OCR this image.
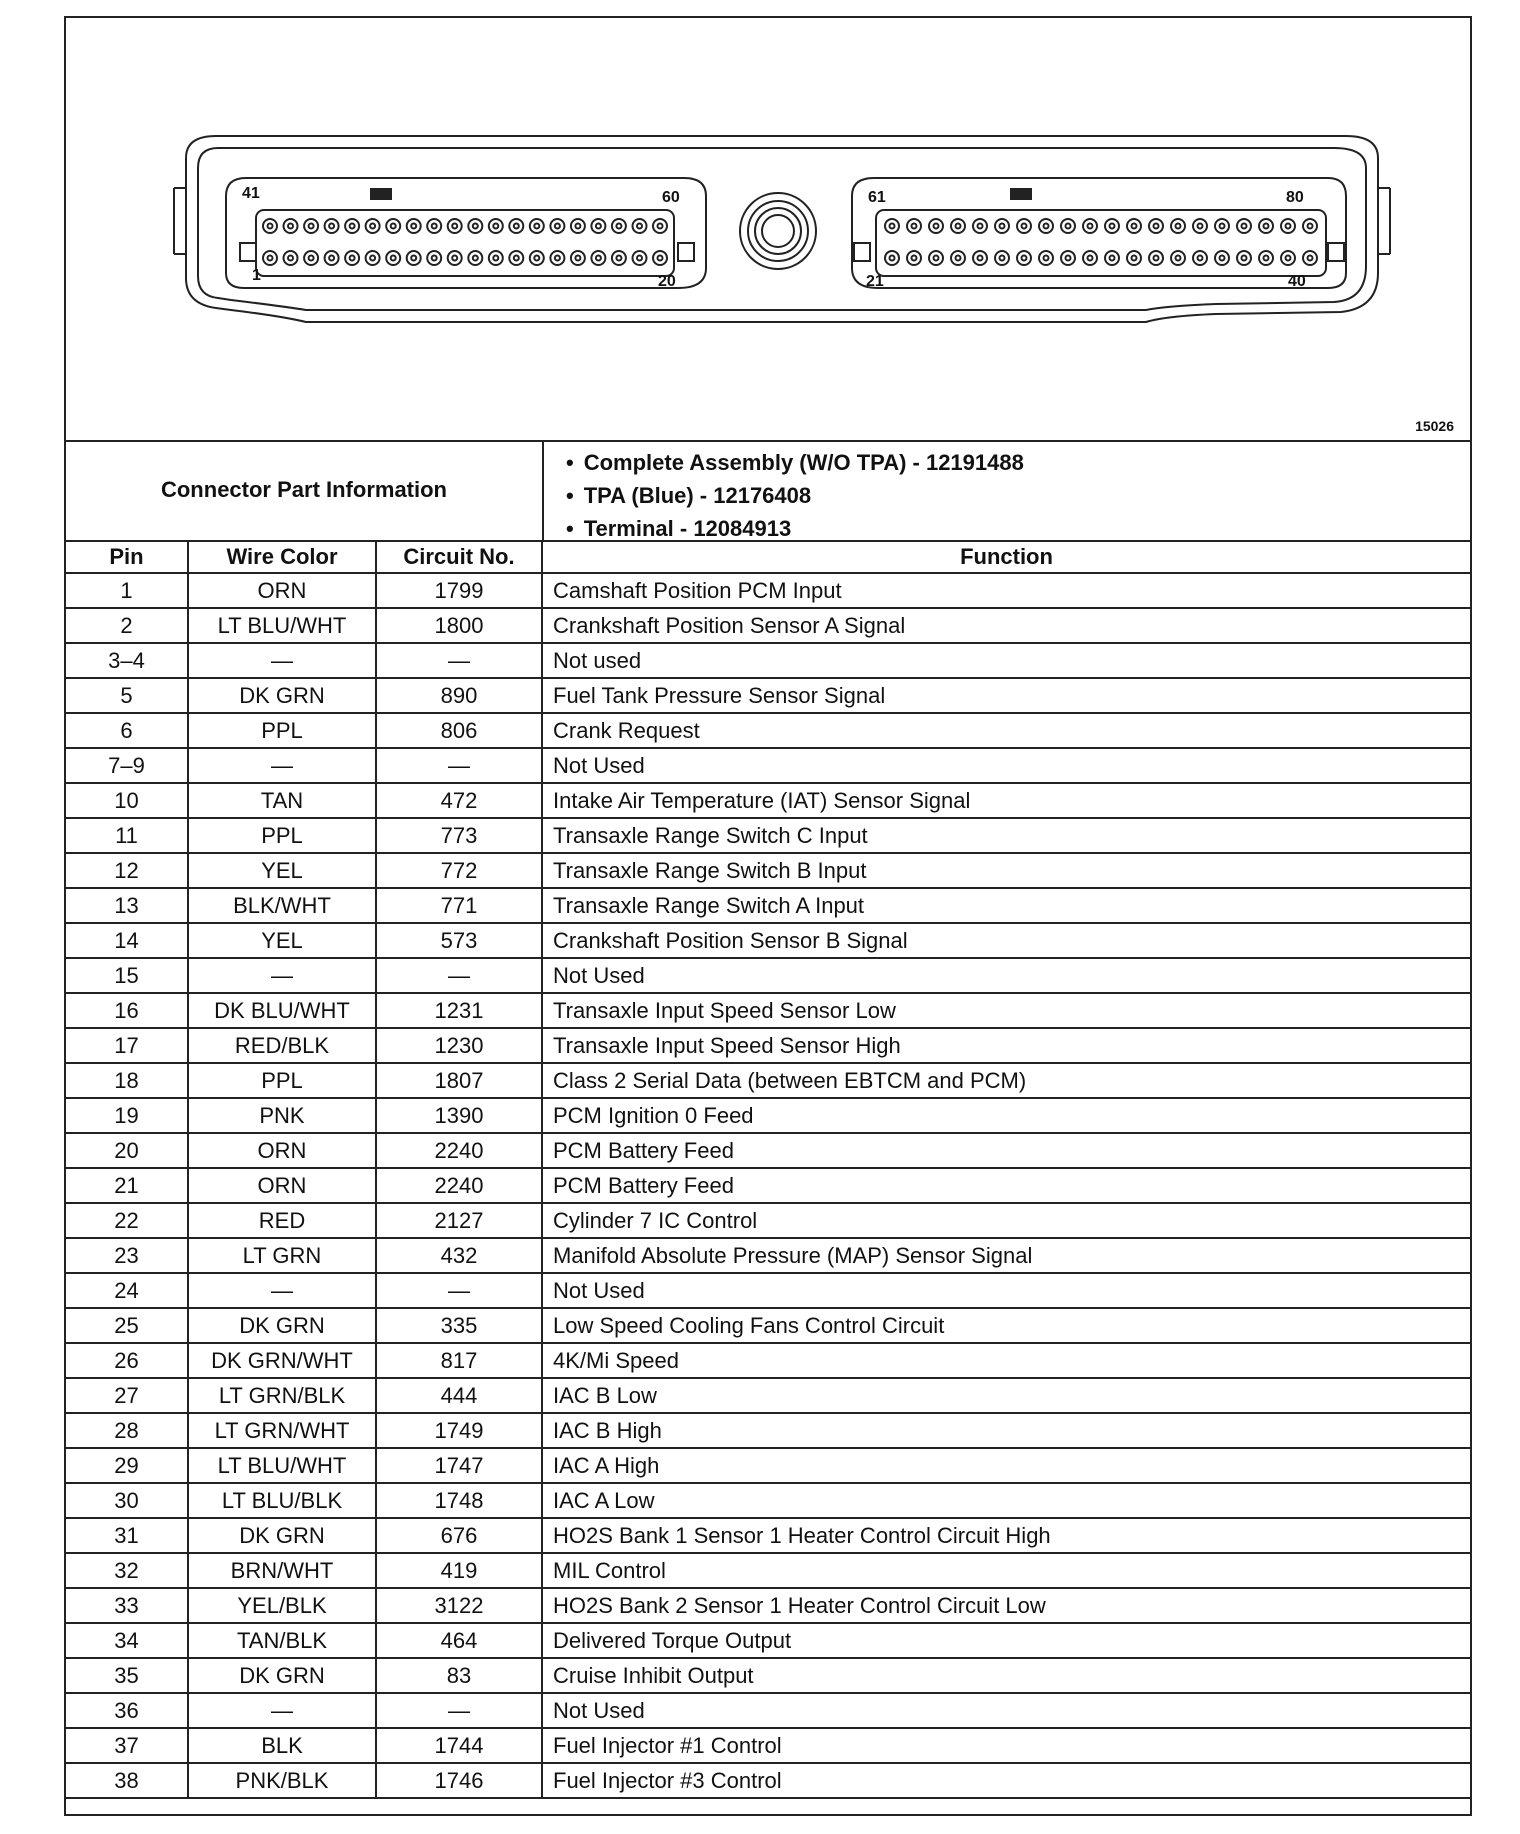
41	60
1	20
61	80
21	40
15026
Connector Part Information
• Complete Assembly (W/O TPA) - 12191488
• TPA (Blue) - 12176408
• Terminal - 12084913
Pin	Wire Color	Circuit No.	Function
1	ORN	1799	Camshaft Position PCM Input
2	LT BLU/WHT	1800	Crankshaft Position Sensor A Signal
3–4	—	—	Not used
5	DK GRN	890	Fuel Tank Pressure Sensor Signal
6	PPL	806	Crank Request
7–9	—	—	Not Used
10	TAN	472	Intake Air Temperature (IAT) Sensor Signal
11	PPL	773	Transaxle Range Switch C Input
12	YEL	772	Transaxle Range Switch B Input
13	BLK/WHT	771	Transaxle Range Switch A Input
14	YEL	573	Crankshaft Position Sensor B Signal
15	—	—	Not Used
16	DK BLU/WHT	1231	Transaxle Input Speed Sensor Low
17	RED/BLK	1230	Transaxle Input Speed Sensor High
18	PPL	1807	Class 2 Serial Data (between EBTCM and PCM)
19	PNK	1390	PCM Ignition 0 Feed
20	ORN	2240	PCM Battery Feed
21	ORN	2240	PCM Battery Feed
22	RED	2127	Cylinder 7 IC Control
23	LT GRN	432	Manifold Absolute Pressure (MAP) Sensor Signal
24	—	—	Not Used
25	DK GRN	335	Low Speed Cooling Fans Control Circuit
26	DK GRN/WHT	817	4K/Mi Speed
27	LT GRN/BLK	444	IAC B Low
28	LT GRN/WHT	1749	IAC B High
29	LT BLU/WHT	1747	IAC A High
30	LT BLU/BLK	1748	IAC A Low
31	DK GRN	676	HO2S Bank 1 Sensor 1 Heater Control Circuit High
32	BRN/WHT	419	MIL Control
33	YEL/BLK	3122	HO2S Bank 2 Sensor 1 Heater Control Circuit Low
34	TAN/BLK	464	Delivered Torque Output
35	DK GRN	83	Cruise Inhibit Output
36	—	—	Not Used
37	BLK	1744	Fuel Injector #1 Control
38	PNK/BLK	1746	Fuel Injector #3 Control
